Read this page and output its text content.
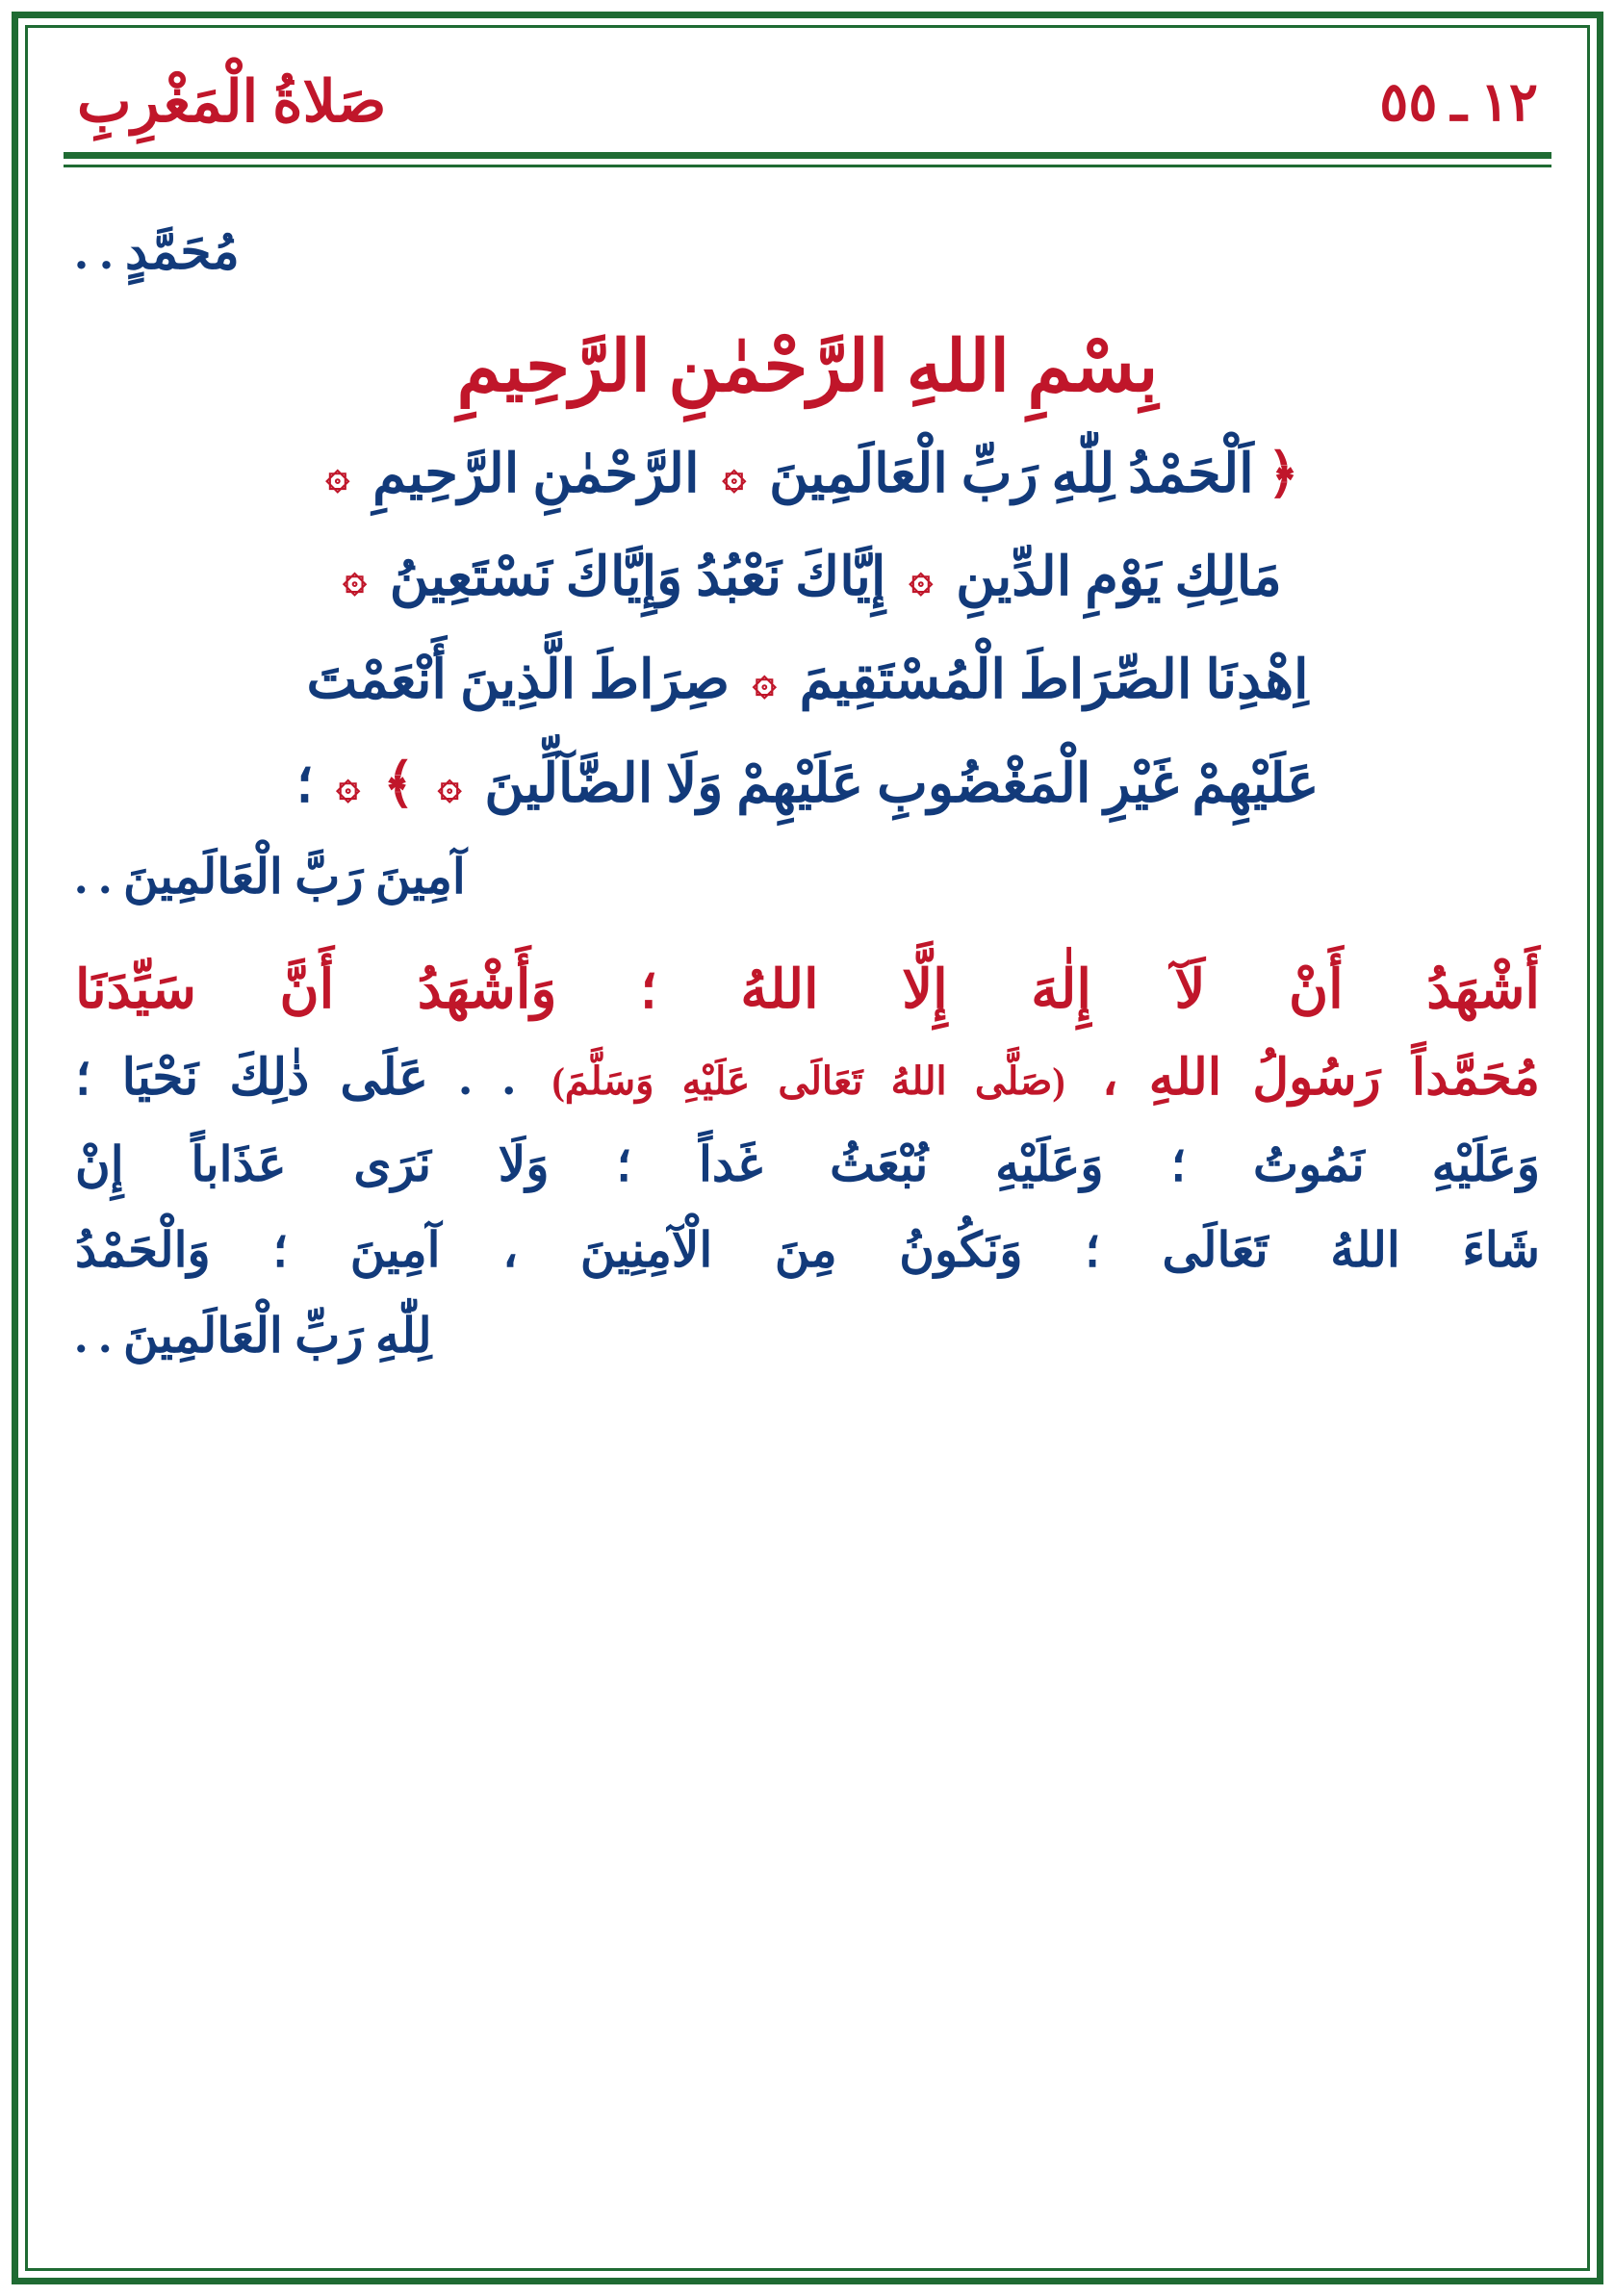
صَلاةُ الْمَغْرِبِ	١٢ ـ ٥٥
مُحَمَّدٍ . .
بِسْمِ اللهِ الرَّحْمٰنِ الرَّحِيمِ
﴿ اَلْحَمْدُ لِلّٰهِ رَبِّ الْعَالَمِينَ ۞ الرَّحْمٰنِ الرَّحِيمِ ۞
مَالِكِ يَوْمِ الدِّينِ ۞ إِيَّاكَ نَعْبُدُ وَإِيَّاكَ نَسْتَعِينُ ۞
اِهْدِنَا الصِّرَاطَ الْمُسْتَقِيمَ ۞ صِرَاطَ الَّذِينَ أَنْعَمْتَ
عَلَيْهِمْ غَيْرِ الْمَغْضُوبِ عَلَيْهِمْ وَلَا الضَّآلِّينَ ۞ ﴾ ۞ ؛
آمِينَ رَبَّ الْعَالَمِينَ . .
أَشْهَدُ أَنْ لَآ إِلٰهَ إِلَّا اللهُ ؛ وَأَشْهَدُ أَنَّ سَيِّدَنَا
مُحَمَّداً رَسُولُ اللهِ ، (صَلَّى اللهُ تَعَالَى عَلَيْهِ وَسَلَّمَ) . . عَلَى ذٰلِكَ نَحْيَا ؛
وَعَلَيْهِ نَمُوتُ ؛ وَعَلَيْهِ نُبْعَثُ غَداً ؛ وَلَا نَرَى عَذَاباً إِنْ
شَاءَ اللهُ تَعَالَى ؛ وَنَكُونُ مِنَ الْآمِنِينَ ، آمِينَ ؛ وَالْحَمْدُ
لِلّٰهِ رَبِّ الْعَالَمِينَ . .
